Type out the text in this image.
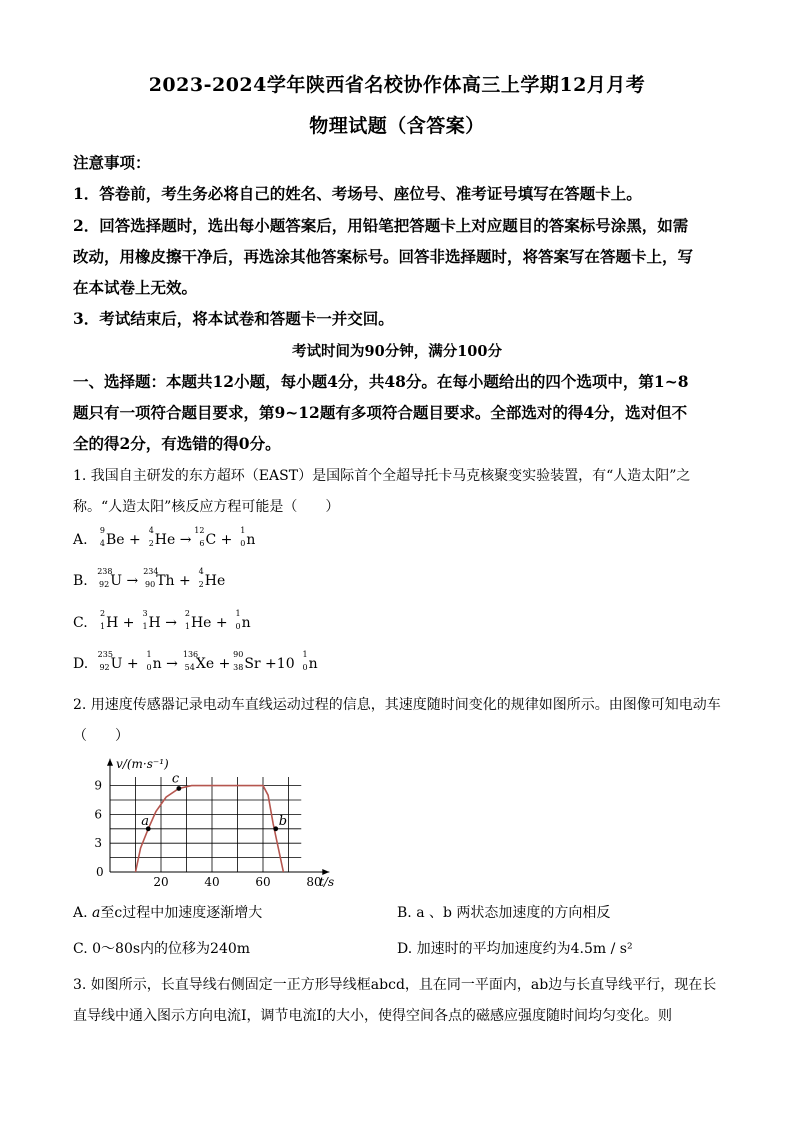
2023-2024学年陕西省名校协作体高三上学期12月月考
物理试题（含答案）
注意事项：
1．答卷前，考生务必将自己的姓名、考场号、座位号、准考证号填写在答题卡上。
2．回答选择题时，选出每小题答案后，用铅笔把答题卡上对应题目的答案标号涂黑，如需
改动，用橡皮擦干净后，再选涂其他答案标号。回答非选择题时，将答案写在答题卡上，写
在本试卷上无效。
3．考试结束后，将本试卷和答题卡一并交回。
考试时间为90分钟，满分100分
一、选择题：本题共12小题，每小题4分，共48分。在每小题给出的四个选项中，第1~8
题只有一项符合题目要求，第9~12题有多项符合题目要求。全部选对的得4分，选对但不
全的得2分，有选错的得0分。
1. 我国自主研发的东方超环（EAST）是国际首个全超导托卡马克核聚变实验装置，有“人造太阳”之
称。“人造太阳”核反应方程可能是（　　）
A.
9
4 Be +
4
2 He →
12
6 C +
1
0 n
B.
238
92 U →
234
90 Th +
4
2 He
C.
2
1 H +
3
1 H →
2
1 He +
1
0 n
D.
235
92 U +
1
0 n →
136
54 Xe +
90
38 Sr +10
1
0 n
2. 用速度传感器记录电动车直线运动过程的信息，其速度随时间变化的规律如图所示。由图像可知电动车
（　　）
20	40	60	80
3
6
9
a
c
b
v/(m·s⁻¹)
t/s
0
A. a至c过程中加速度逐渐增大	B. a 、b 两状态加速度的方向相反
C. 0～80s内的位移为240m	D. 加速时的平均加速度约为4.5m / s²
3. 如图所示，长直导线右侧固定一正方形导线框abcd，且在同一平面内，ab边与长直导线平行，现在长
直导线中通入图示方向电流I，调节电流I的大小，使得空间各点的磁感应强度随时间均匀变化。则
